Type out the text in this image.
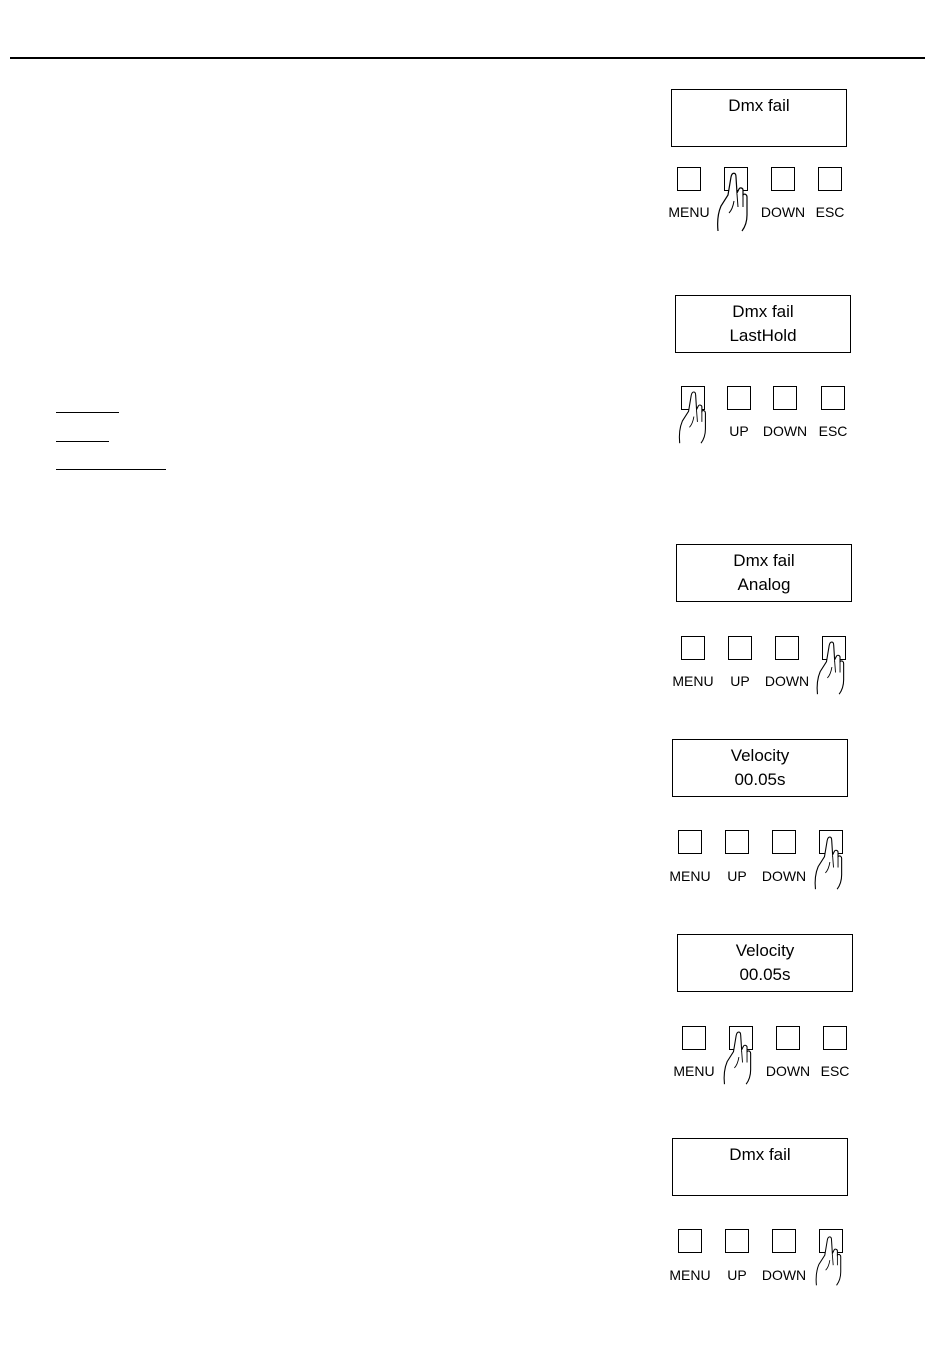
Dmx fail
MENU	DOWN ESC
Dmx fail
LastHold
UP DOWN ESC
Dmx fail
Analog
MENU UP DOWN
Velocity
00.05s
MENU UP DOWN
Velocity
00.05s
MENU	DOWN ESC
Dmx fail
MENU UP DOWN
